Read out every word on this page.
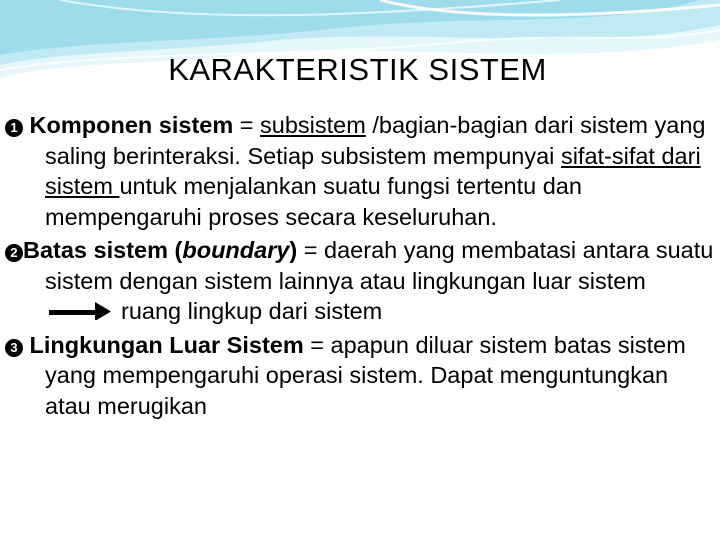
KARAKTERISTIK SISTEM

1 Komponen sistem = subsistem /bagian-bagian dari sistem yang saling berinteraksi. Setiap subsistem mempunyai sifat-sifat dari sistem untuk menjalankan suatu fungsi tertentu dan mempengaruhi proses secara keseluruhan.

2 Batas sistem (boundary) = daerah yang membatasi antara suatu sistem dengan sistem lainnya atau lingkungan luar sistem ruang lingkup dari sistem

3 Lingkungan Luar Sistem = apapun diluar sistem batas sistem yang mempengaruhi operasi sistem. Dapat menguntungkan atau merugikan
